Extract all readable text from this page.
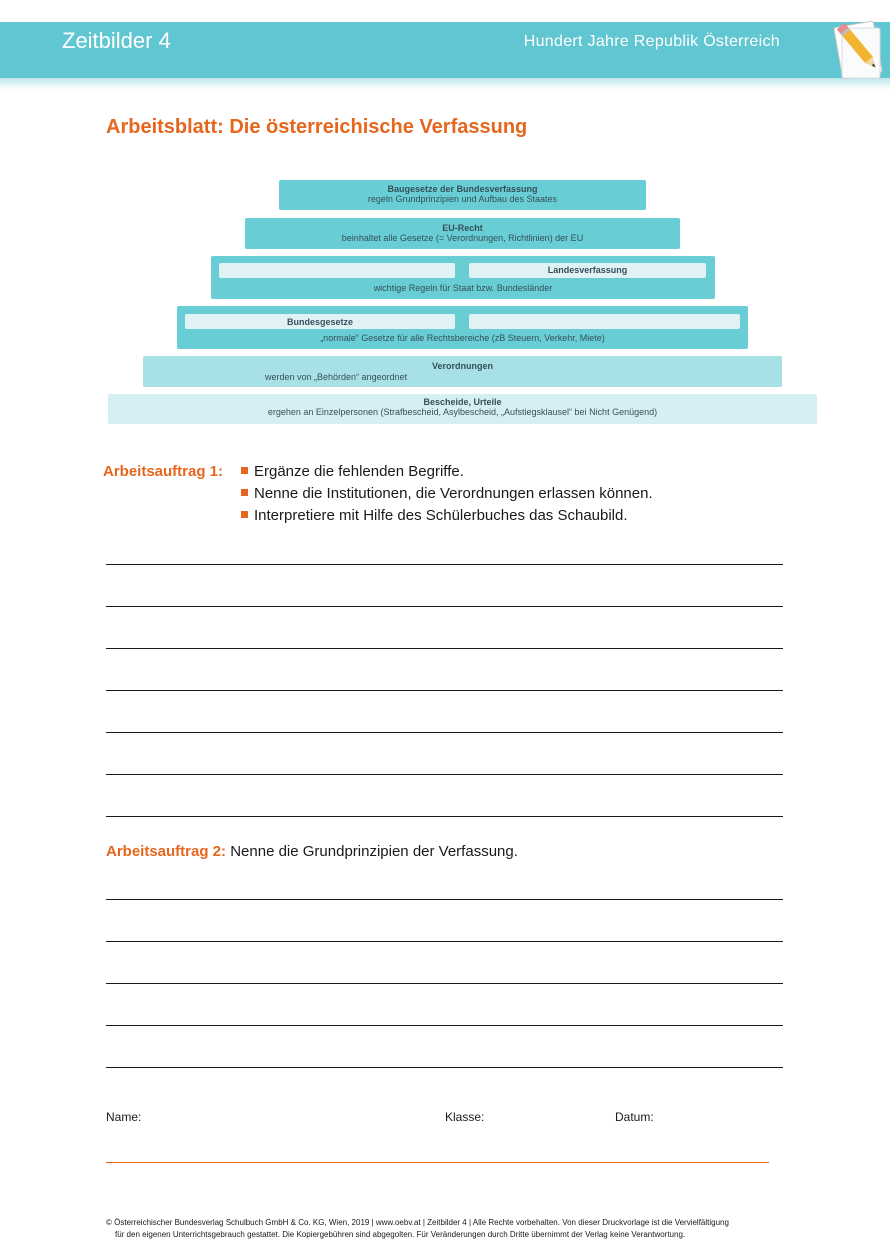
Zeitbilder 4	Hundert Jahre Republik Österreich
Arbeitsblatt: Die österreichische Verfassung
Baugesetze der Bundesverfassung
regeln Grundprinzipien und Aufbau des Staates
EU-Recht
beinhaltet alle Gesetze (= Verordnungen, Richtlinien) der EU
Landesverfassung
wichtige Regeln für Staat bzw. Bundesländer
Bundesgesetze
„normale“ Gesetze für alle Rechtsbereiche (zB Steuern, Verkehr, Miete)
Verordnungen
werden von „Behörden“ angeordnet
Bescheide, Urteile
ergehen an Einzelpersonen (Strafbescheid, Asylbescheid, „Aufstiegsklausel“ bei Nicht Genügend)
Arbeitsauftrag 1:	Ergänze die fehlenden Begriffe.
Nenne die Institutionen, die Verordnungen erlassen können.
Interpretiere mit Hilfe des Schülerbuches das Schaubild.
Arbeitsauftrag 2: Nenne die Grundprinzipien der Verfassung.
Name:	Klasse:	Datum:
© Österreichischer Bundesverlag Schulbuch GmbH & Co. KG, Wien, 2019 | www.oebv.at | Zeitbilder 4 | Alle Rechte vorbehalten. Von dieser Druckvorlage ist die Vervielfältigung
für den eigenen Unterrichtsgebrauch gestattet. Die Kopiergebühren sind abgegolten. Für Veränderungen durch Dritte übernimmt der Verlag keine Verantwortung.
